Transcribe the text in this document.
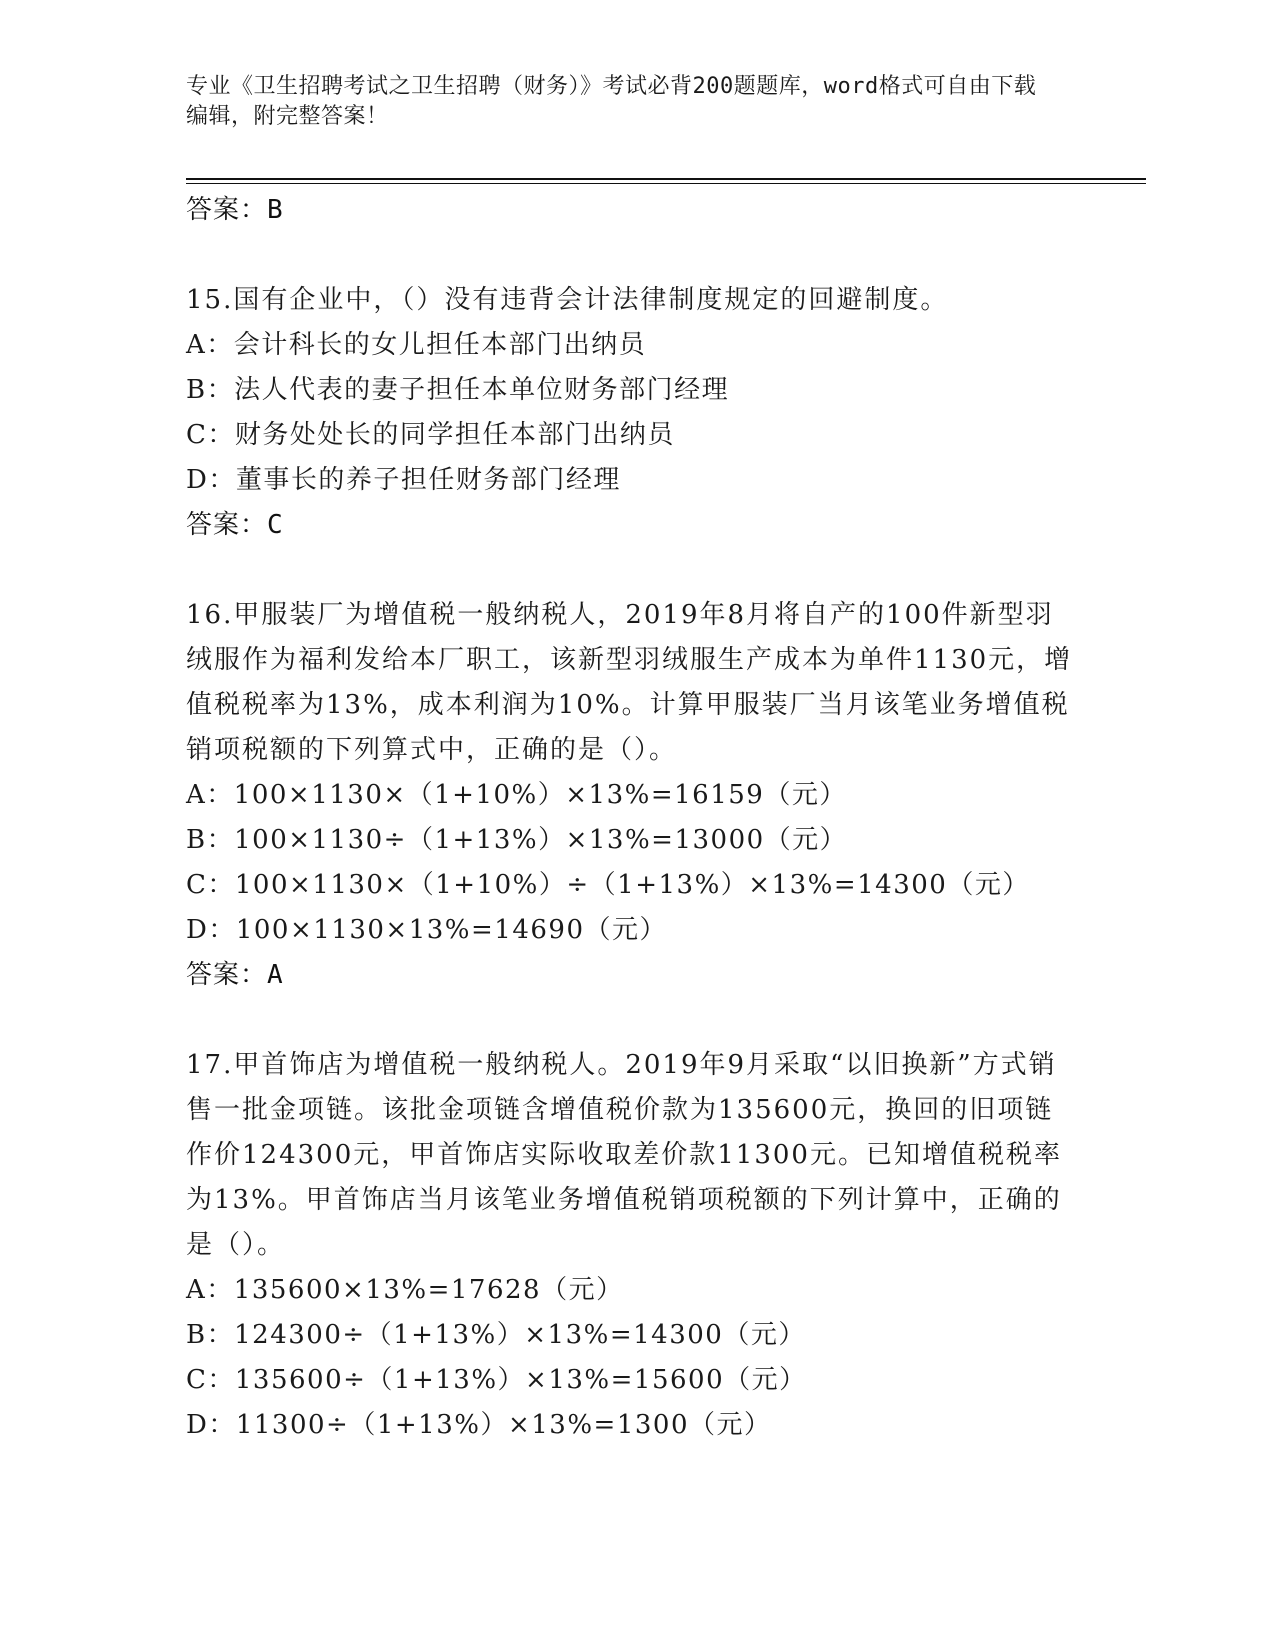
专业《卫生招聘考试之卫生招聘（财务）》考试必背200题题库，word格式可自由下载编辑，附完整答案！
答案：B
15.国有企业中，（）没有违背会计法律制度规定的回避制度。
A：会计科长的女儿担任本部门出纳员
B：法人代表的妻子担任本单位财务部门经理
C：财务处处长的同学担任本部门出纳员
D：董事长的养子担任财务部门经理
答案：C
16.甲服装厂为增值税一般纳税人，2019年8月将自产的100件新型羽绒服作为福利发给本厂职工，该新型羽绒服生产成本为单件1130元，增值税税率为13%，成本利润为10%。计算甲服装厂当月该笔业务增值税销项税额的下列算式中，正确的是（）。
A：100×1130×（1+10%）×13%=16159（元）
B：100×1130÷（1+13%）×13%=13000（元）
C：100×1130×（1+10%）÷（1+13%）×13%=14300（元）
D：100×1130×13%=14690（元）
答案：A
17.甲首饰店为增值税一般纳税人。2019年9月采取“以旧换新”方式销售一批金项链。该批金项链含增值税价款为135600元，换回的旧项链作价124300元，甲首饰店实际收取差价款11300元。已知增值税税率为13%。甲首饰店当月该笔业务增值税销项税额的下列计算中，正确的是（）。
A：135600×13%=17628（元）
B：124300÷（1+13%）×13%=14300（元）
C：135600÷（1+13%）×13%=15600（元）
D：11300÷（1+13%）×13%=1300（元）
